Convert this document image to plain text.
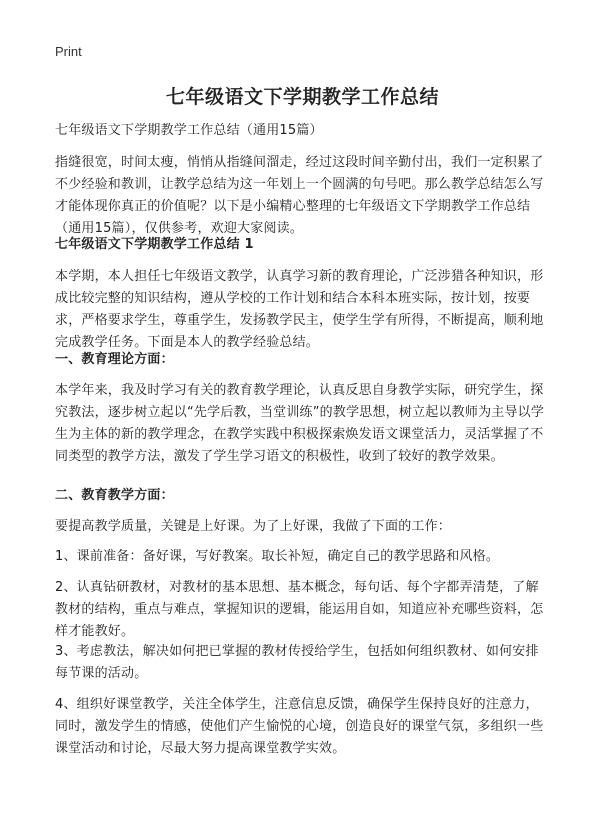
Print
七年级语文下学期教学工作总结

七年级语文下学期教学工作总结（通用15篇）

指缝很宽，时间太瘦，悄悄从指缝间溜走，经过这段时间辛勤付出，我们一定积累了不少经验和教训，让教学总结为这一年划上一个圆满的句号吧。那么教学总结怎么写才能体现你真正的价值呢？以下是小编精心整理的七年级语文下学期教学工作总结（通用15篇），仅供参考，欢迎大家阅读。

七年级语文下学期教学工作总结 1

本学期，本人担任七年级语文教学，认真学习新的教育理论，广泛涉猎各种知识，形成比较完整的知识结构，遵从学校的工作计划和结合本科本班实际，按计划，按要求，严格要求学生，尊重学生，发扬教学民主，使学生学有所得，不断提高，顺利地完成教学任务。下面是本人的教学经验总结。

一、教育理论方面：

本学年来，我及时学习有关的教育教学理论，认真反思自身教学实际，研究学生，探究教法，逐步树立起以“先学后教，当堂训练”的教学思想，树立起以教师为主导以学生为主体的新的教学理念，在教学实践中积极探索焕发语文课堂活力，灵活掌握了不同类型的教学方法，激发了学生学习语文的积极性，收到了较好的教学效果。

二、教育教学方面：

要提高教学质量，关键是上好课。为了上好课，我做了下面的工作：

1、课前准备：备好课，写好教案。取长补短，确定自己的教学思路和风格。

2、认真钻研教材，对教材的基本思想、基本概念，每句话、每个字都弄清楚，了解教材的结构，重点与难点，掌握知识的逻辑，能运用自如，知道应补充哪些资料，怎样才能教好。

3、考虑教法，解决如何把已掌握的教材传授给学生，包括如何组织教材、如何安排每节课的活动。

4、组织好课堂教学，关注全体学生，注意信息反馈，确保学生保持良好的注意力，同时，激发学生的情感，使他们产生愉悦的心境，创造良好的课堂气氛，多组织一些课堂活动和讨论，尽最大努力提高课堂教学实效。
